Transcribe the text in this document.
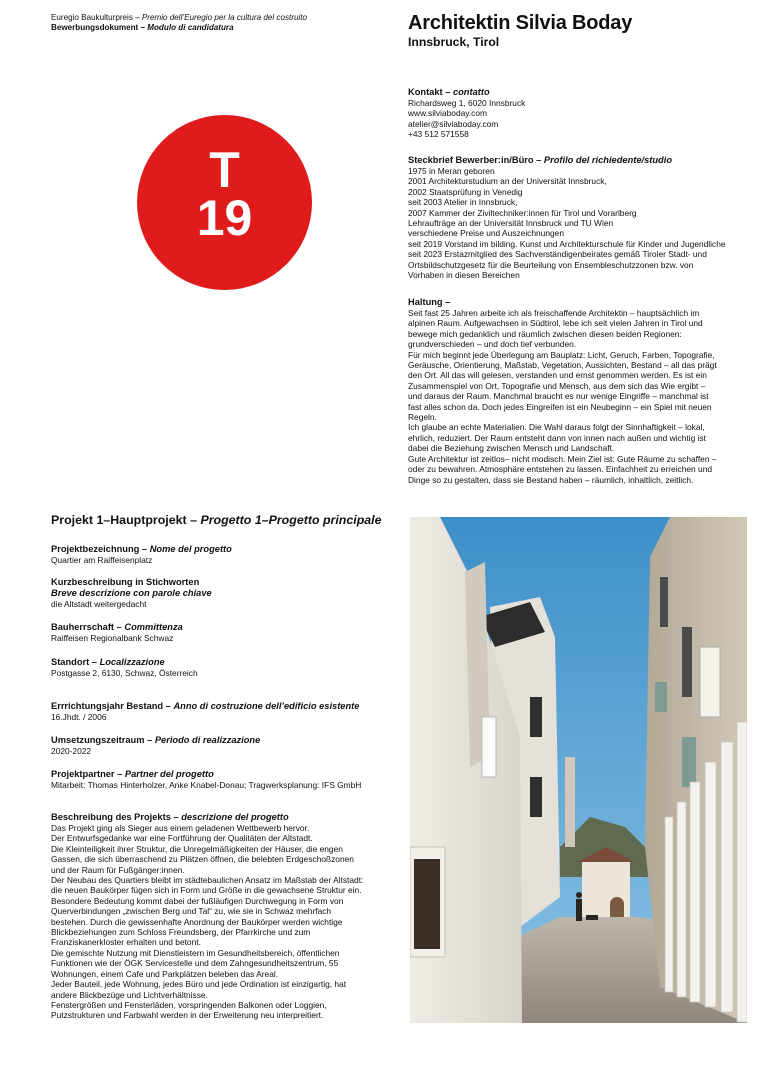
Euregio Baukulturpreis – Premio dell’Euregio per la cultura del costruito
Bewerbungsdokument – Modulo di candidatura	Architektin Silvia Boday
Innsbruck, Tirol
T
19
Kontakt – contatto
Richardsweg 1, 6020 Innsbruck
www.silviaboday.com
atelier@silviaboday.com
+43 512 571558
Steckbrief Bewerber:in/Büro – Profilo del richiedente/studio
1975 in Meran geboren
2001 Architekturstudium an der Universität Innsbruck,
2002 Staatsprüfung in Venedig
seit 2003 Atelier in Innsbruck,
2007 Kammer der Ziviltechniker:innen für Tirol und Vorarlberg
Lehraufträge an der Universität Innsbruck und TU Wien
verschiedene Preise und Auszeichnungen
seit 2019 Vorstand im bilding. Kunst und Architekturschule für Kinder und Jugendliche
seit 2023 Erstazmitglied des Sachverständigenbeirates gemäß Tiroler Stadt- und
Ortsbildschutzgesetz für die Beurteilung von Ensembleschutzzonen bzw. von
Vorhaben in diesen Bereichen
Haltung –
Seit fast 25 Jahren arbeite ich als freischaffende Architektin – hauptsächlich im
alpinen Raum. Aufgewachsen in Südtirol, lebe ich seit vielen Jahren in Tirol und
bewege mich gedanklich und räumlich zwischen diesen beiden Regionen:
grundverschieden – und doch tief verbunden.
Für mich beginnt jede Überlegung am Bauplatz: Licht, Geruch, Farben, Topografie,
Geräusche, Orientierung, Maßstab, Vegetation, Aussichten, Bestand – all das prägt
den Ort. All das will gelesen, verstanden und ernst genommen werden. Es ist ein
Zusammenspiel von Ort, Topografie und Mensch, aus dem sich das Wie ergibt –
und daraus der Raum. Manchmal braucht es nur wenige Eingriffe – manchmal ist
fast alles schon da. Doch jedes Eingreifen ist ein Neubeginn – ein Spiel mit neuen
Regeln.
Ich glaube an echte Materialien. Die Wahl daraus folgt der Sinnhaftigkeit – lokal,
ehrlich, reduziert. Der Raum entsteht dann von innen nach außen und wichtig ist
dabei die Beziehung zwischen Mensch und Landschaft.
Gute Architektur ist zeitlos– nicht modisch. Mein Ziel ist: Gute Räume zu schaffen –
oder zu bewahren. Atmosphäre entstehen zu lassen. Einfachheit zu erreichen und
Dinge so zu gestalten, dass sie Bestand haben – räumlich, inhaltlich, zeitlich.
Projekt 1–Hauptprojekt – Progetto 1–Progetto principale
Projektbezeichnung – Nome del progetto
Quartier am Raiffeisenplatz
Kurzbeschreibung in Stichworten
Breve descrizione con parole chiave
die Altstadt weitergedacht
Bauherrschaft – Committenza
Raiffeisen Regionalbank Schwaz
Standort – Localizzazione
Postgasse 2, 6130, Schwaz, Österreich
Errrichtungsjahr Bestand – Anno di costruzione dell’edificio esistente
16.Jhdt. / 2006
Umsetzungszeitraum – Periodo di realizzazione
2020-2022
Projektpartner – Partner del progetto
Mitarbeit: Thomas Hinterholzer, Anke Knabel-Donau; Tragwerksplanung: IFS GmbH
Beschreibung des Projekts – descrizione del progetto
Das Projekt ging als Sieger aus einem geladenen Wettbewerb hervor.
Der Entwurfsgedanke war eine Fortführung der Qualitäten der Altstadt.
Die Kleinteiligkeit ihrer Struktur, die Unregelmäßigkeiten der Häuser, die engen
Gassen, die sich überraschend zu Plätzen öffnen, die belebten Erdgeschoßzonen
und der Raum für Fußgänger:innen.
Der Neubau des Quartiers bleibt im städtebaulichen Ansatz im Maßstab der Altstadt:
die neuen Baukörper fügen sich in Form und Größe in die gewachsene Struktur ein.
Besondere Bedeutung kommt dabei der fußläufigen Durchwegung in Form von
Querverbindungen „zwischen Berg und Tal“ zu, wie sie in Schwaz mehrfach
bestehen. Durch die gewissenhafte Anordnung der Baukörper werden wichtige
Blickbeziehungen zum Schloss Freundsberg, der Pfarrkirche und zum
Franziskanerkloster erhalten und betont.
Die gemischte Nutzung mit Dienstleistern im Gesundheitsbereich, öffentlichen
Funktionen wie der ÖGK Servicestelle und dem Zahngesundheitszentrum, 55
Wohnungen, einem Cafe und Parkplätzen beleben das Areal.
Jeder Bauteil, jede Wohnung, jedes Büro und jede Ordination ist einzigartig, hat
andere Blickbezüge und Lichtverhältnisse.
Fenstergrößen und Fensterläden, vorspringenden Balkonen oder Loggien,
Putzstrukturen und Farbwahl werden in der Erweiterung neu interpreitiert.
